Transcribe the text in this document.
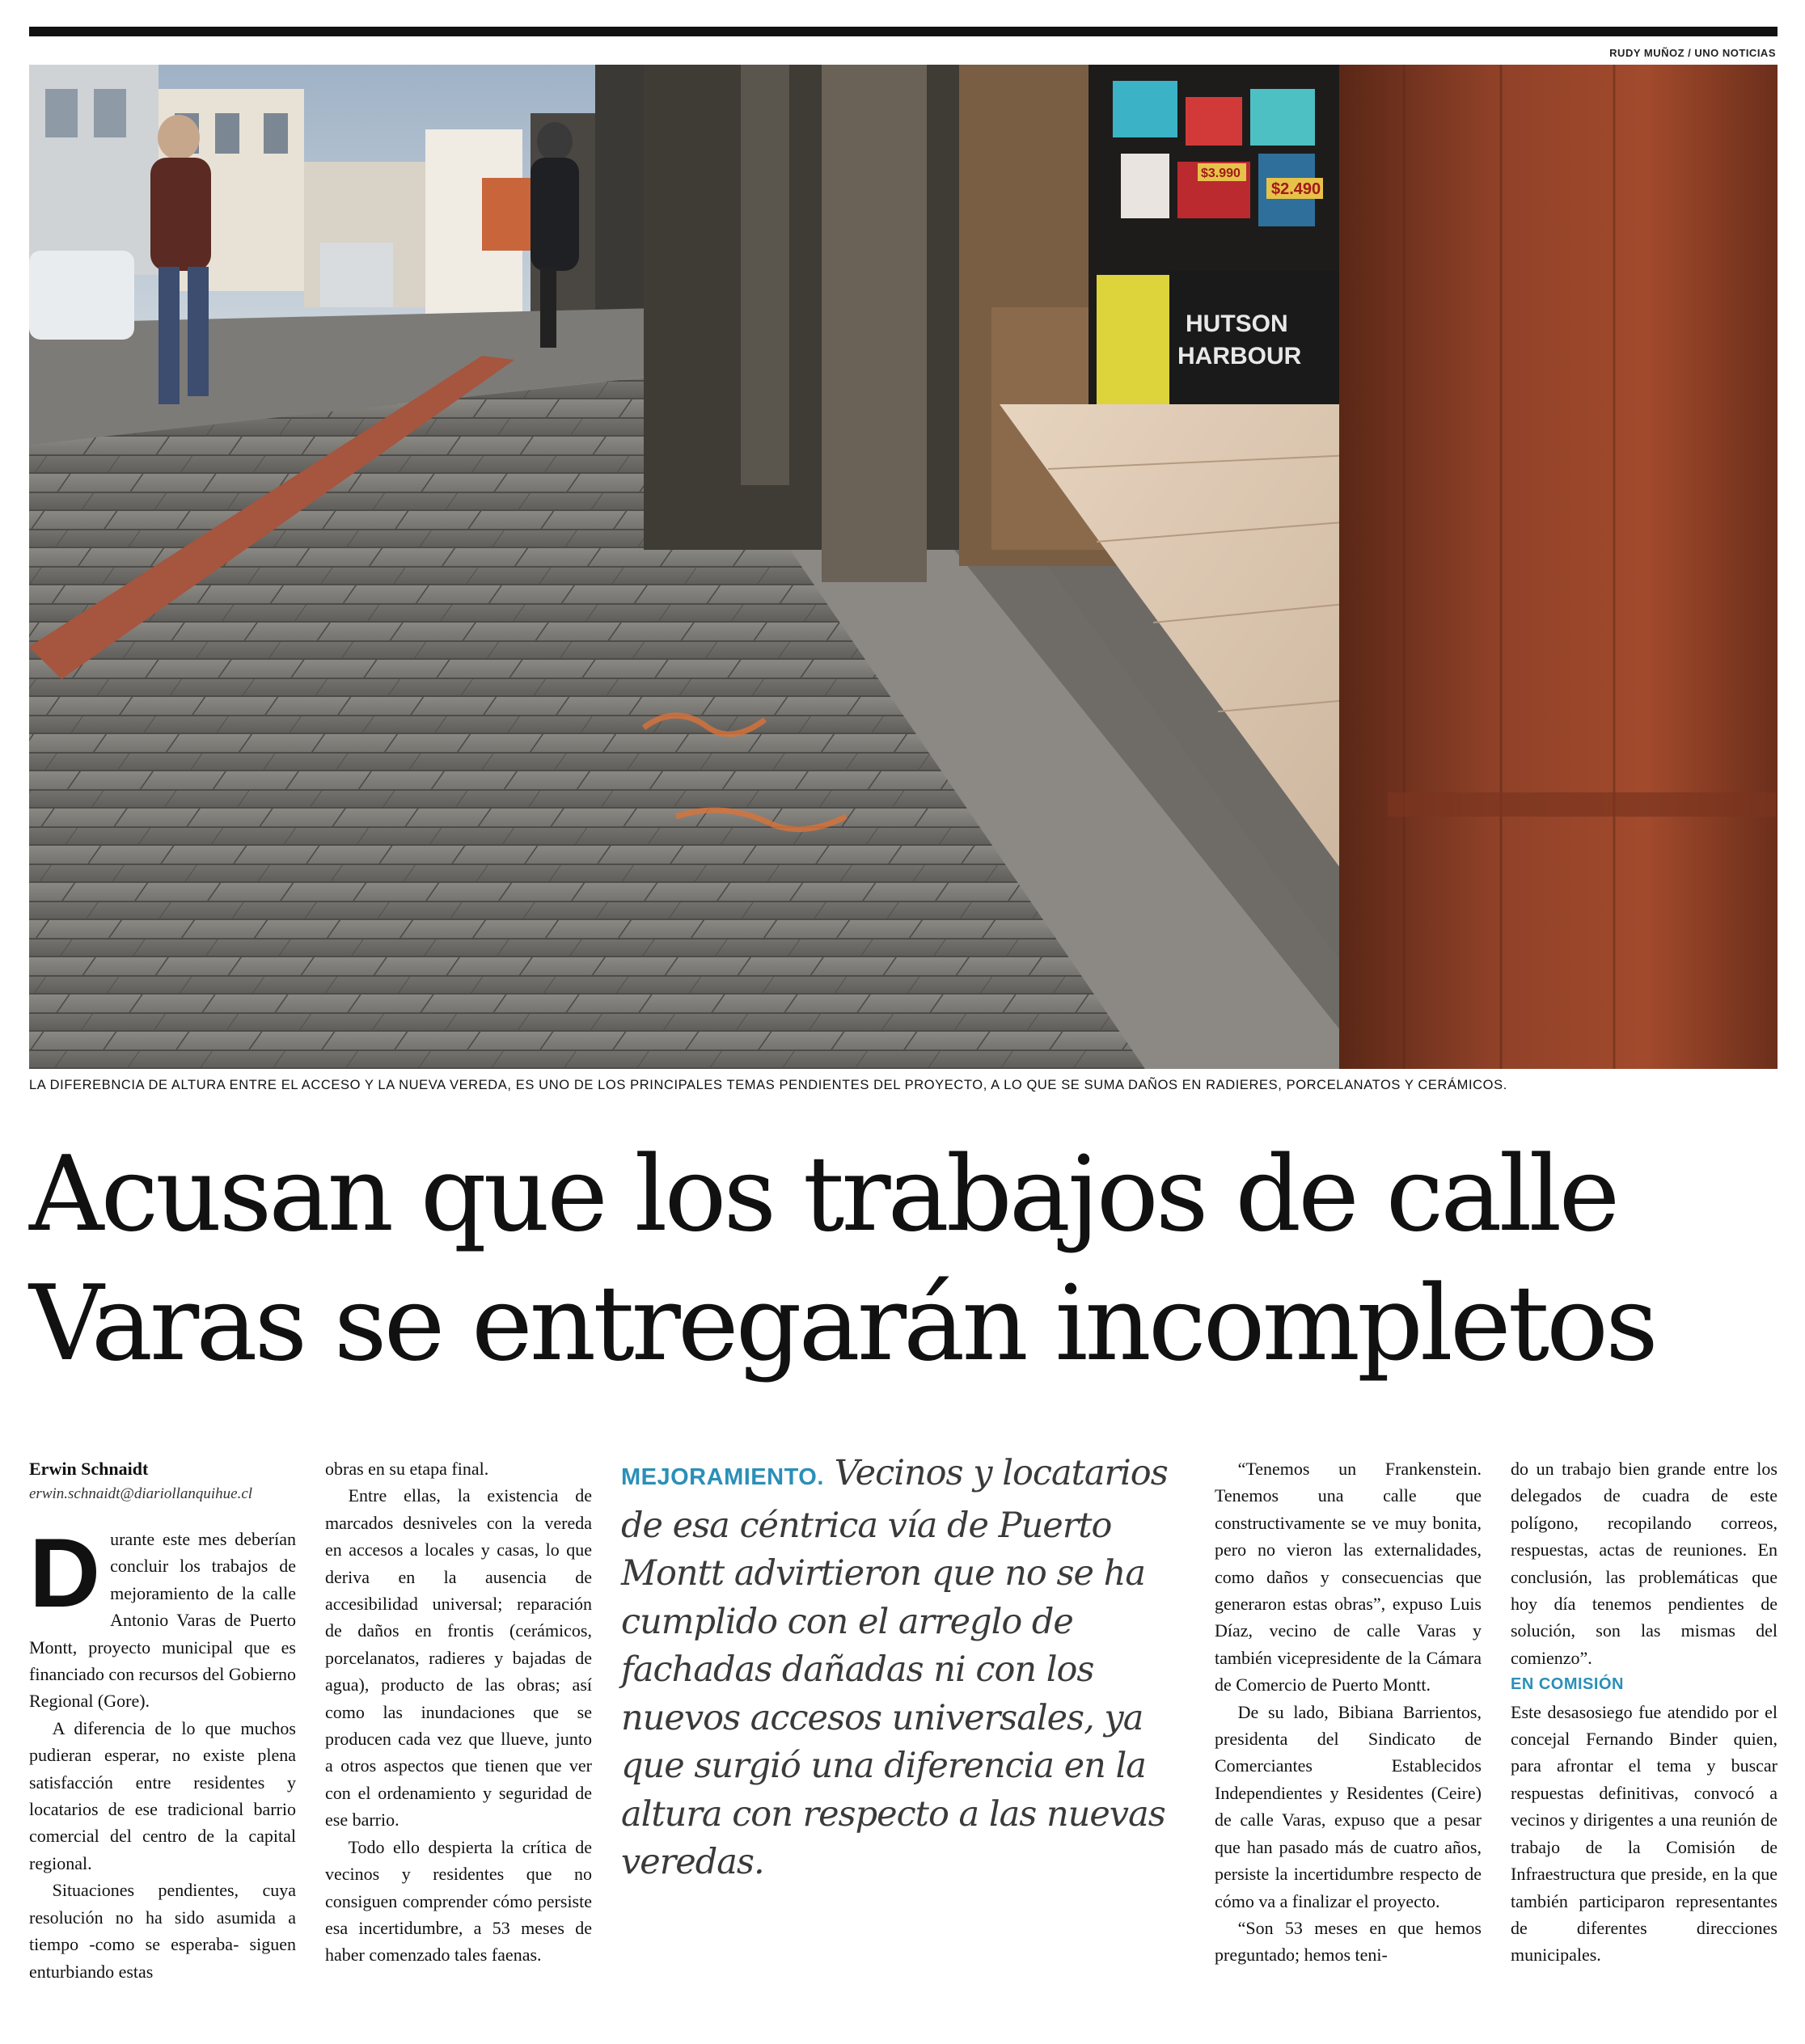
RUDY MUÑOZ / UNO NOTICIAS
$2.490
$3.990
HUTSON
HARBOUR
LA DIFEREBNCIA DE ALTURA ENTRE EL ACCESO Y LA NUEVA VEREDA, ES UNO DE LOS PRINCIPALES TEMAS PENDIENTES DEL PROYECTO, A LO QUE SE SUMA DAÑOS EN RADIERES, PORCELANATOS Y CERÁMICOS.
Acusan que los trabajos de calle
Varas se entregarán incompletos
Erwin Schnaidt
erwin.schnaidt@diariollanquihue.cl
D urante este mes deberían concluir los trabajos de mejoramiento de la calle Antonio Varas de Puerto Montt, proyecto municipal que es financiado con recursos del Gobierno Regional (Gore).

A diferencia de lo que muchos pudieran esperar, no existe plena satisfacción entre residentes y locatarios de ese tradicional barrio comercial del centro de la capital regional.

Situaciones pendientes, cuya resolución no ha sido asumida a tiempo -como se esperaba- siguen enturbiando estas

obras en su etapa final.

Entre ellas, la existencia de marcados desniveles con la vereda en accesos a locales y casas, lo que deriva en la ausencia de accesibilidad universal; reparación de daños en frontis (cerámicos, porcelanatos, radieres y bajadas de agua), producto de las obras; así como las inundaciones que se producen cada vez que llueve, junto a otros aspectos que tienen que ver con el ordenamiento y seguridad de ese barrio.

Todo ello despierta la crítica de vecinos y residentes que no consiguen comprender cómo persiste esa incertidumbre, a 53 meses de haber comenzado tales faenas.

MEJORAMIENTO. Vecinos y locatarios de esa céntrica vía de Puerto Montt advirtieron que no se ha cumplido con el arreglo de fachadas dañadas ni con los nuevos accesos universales, ya que surgió una diferencia en la altura con respecto a las nuevas veredas.

“Tenemos un Frankenstein. Tenemos una calle que constructivamente se ve muy bonita, pero no vieron las externalidades, como daños y consecuencias que generaron estas obras”, expuso Luis Díaz, vecino de calle Varas y también vicepresidente de la Cámara de Comercio de Puerto Montt.

De su lado, Bibiana Barrientos, presidenta del Sindicato de Comerciantes Establecidos Independientes y Residentes (Ceire) de calle Varas, expuso que a pesar que han pasado más de cuatro años, persiste la incertidumbre respecto de cómo va a finalizar el proyecto.

“Son 53 meses en que hemos preguntado; hemos teni-

do un trabajo bien grande entre los delegados de cuadra de este polígono, recopilando correos, respuestas, actas de reuniones. En conclusión, las problemáticas que hoy día tenemos pendientes de solución, son las mismas del comienzo”.

EN COMISIÓN

Este desasosiego fue atendido por el concejal Fernando Binder quien, para afrontar el tema y buscar respuestas definitivas, convocó a vecinos y dirigentes a una reunión de trabajo de la Comisión de Infraestructura que preside, en la que también participaron representantes de diferentes direcciones municipales.
